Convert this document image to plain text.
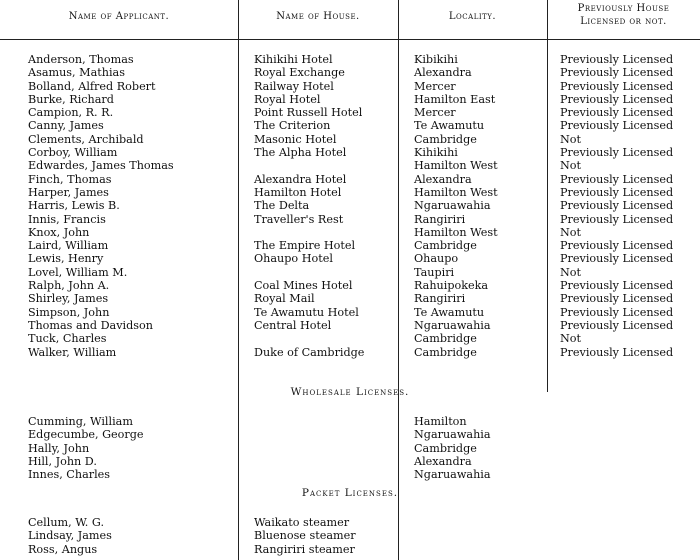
Name of Applicant.	Name of House.	Locality.
Previously House
Licensed or not.
Anderson, Thomas
Asamus, Mathias
Bolland, Alfred Robert
Burke, Richard
Campion, R. R.
Canny, James
Clements, Archibald
Corboy, William
Edwardes, James Thomas
Finch, Thomas
Harper, James
Harris, Lewis B.
Innis, Francis
Knox, John
Laird, William
Lewis, Henry
Lovel, William M.
Ralph, John A.
Shirley, James
Simpson, John
Thomas and Davidson
Tuck, Charles
Walker, William
Kihikihi Hotel
Royal Exchange
Railway Hotel
Royal Hotel
Point Russell Hotel
The Criterion
Masonic Hotel
The Alpha Hotel
Alexandra Hotel
Hamilton Hotel
The Delta
Traveller's Rest
The Empire Hotel
Ohaupo Hotel
Coal Mines Hotel
Royal Mail
Te Awamutu Hotel
Central Hotel
Duke of Cambridge
Kibikihi
Alexandra
Mercer
Hamilton East
Mercer
Te Awamutu
Cambridge
Kihikihi
Hamilton West
Alexandra
Hamilton West
Ngaruawahia
Rangiriri
Hamilton West
Cambridge
Ohaupo
Taupiri
Rahuipokeka
Rangiriri
Te Awamutu
Ngaruawahia
Cambridge
Cambridge
Previously Licensed
Previously Licensed
Previously Licensed
Previously Licensed
Previously Licensed
Previously Licensed
Not
Previously Licensed
Not
Previously Licensed
Previously Licensed
Previously Licensed
Previously Licensed
Not
Previously Licensed
Previously Licensed
Not
Previously Licensed
Previously Licensed
Previously Licensed
Previously Licensed
Not
Previously Licensed
Wholesale Licenses.
Cumming, William
Edgecumbe, George
Hally, John
Hill, John D.
Innes, Charles
Hamilton
Ngaruawahia
Cambridge
Alexandra
Ngaruawahia
Packet Licenses.
Cellum, W. G.
Lindsay, James
Ross, Angus
Waikato steamer
Bluenose steamer
Rangiriri steamer
